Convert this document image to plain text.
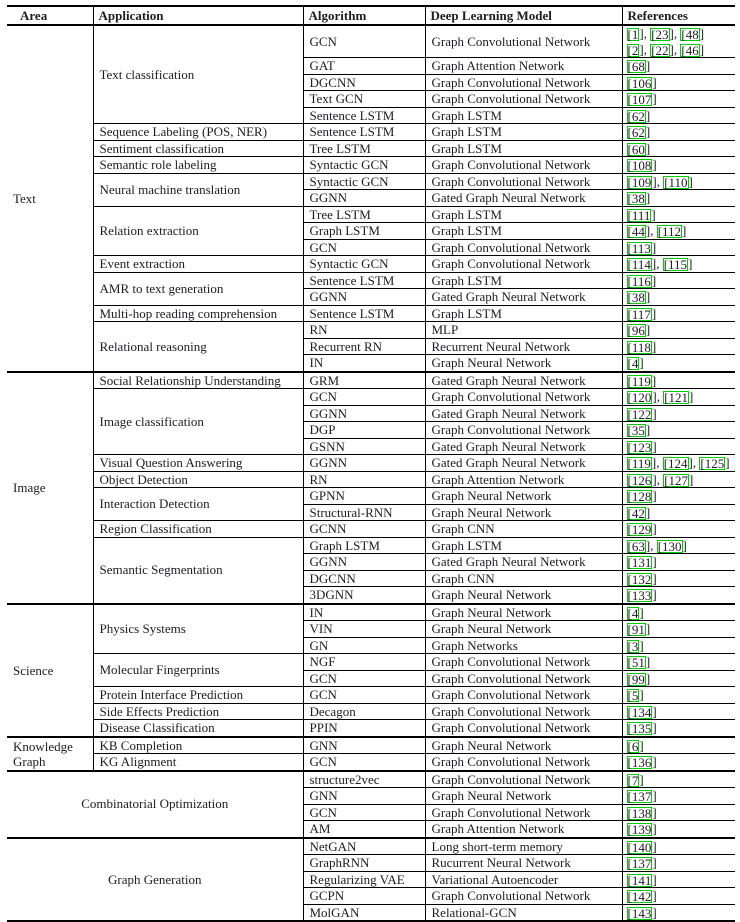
Area	Application	Algorithm	Deep Learning Model	References
Text	Text classification	GCN	Graph Convolutional Network	[1], [23], [48]
[2], [22], [46]

		GAT	Graph Attention Network	[68]

		DGCNN	Graph Convolutional Network	[106]

		Text GCN	Graph Convolutional Network	[107]

		Sentence LSTM	Graph LSTM	[62]

	Sequence Labeling (POS, NER)	Sentence LSTM	Graph LSTM	[62]

	Sentiment classification	Tree LSTM	Graph LSTM	[60]

	Semantic role labeling	Syntactic GCN	Graph Convolutional Network	[108]

	Neural machine translation	Syntactic GCN	Graph Convolutional Network	[109], [110]

		GGNN	Gated Graph Neural Network	[38]

	Relation extraction	Tree LSTM	Graph LSTM	[111]

		Graph LSTM	Graph LSTM	[44], [112]

		GCN	Graph Convolutional Network	[113]

	Event extraction	Syntactic GCN	Graph Convolutional Network	[114], [115]

	AMR to text generation	Sentence LSTM	Graph LSTM	[116]

		GGNN	Gated Graph Neural Network	[38]

	Multi-hop reading comprehension	Sentence LSTM	Graph LSTM	[117]

	Relational reasoning	RN	MLP	[96]

		Recurrent RN	Recurrent Neural Network	[118]

		IN	Graph Neural Network	[4]

Image	Social Relationship Understanding	GRM	Gated Graph Neural Network	[119]

	Image classification	GCN	Graph Convolutional Network	[120], [121]

		GGNN	Gated Graph Neural Network	[122]

		DGP	Graph Convolutional Network	[35]

		GSNN	Gated Graph Neural Network	[123]

	Visual Question Answering	GGNN	Gated Graph Neural Network	[119], [124], [125]

	Object Detection	RN	Graph Attention Network	[126], [127]

	Interaction Detection	GPNN	Graph Neural Network	[128]

		Structural-RNN	Graph Neural Network	[42]

	Region Classification	GCNN	Graph CNN	[129]

	Semantic Segmentation	Graph LSTM	Graph LSTM	[63], [130]

		GGNN	Gated Graph Neural Network	[131]

		DGCNN	Graph CNN	[132]

		3DGNN	Graph Neural Network	[133]

Science	Physics Systems	IN	Graph Neural Network	[4]

		VIN	Graph Neural Network	[91]

		GN	Graph Networks	[3]

	Molecular Fingerprints	NGF	Graph Convolutional Network	[51]

		GCN	Graph Convolutional Network	[99]

	Protein Interface Prediction	GCN	Graph Convolutional Network	[5]

	Side Effects Prediction	Decagon	Graph Convolutional Network	[134]

	Disease Classification	PPIN	Graph Convolutional Network	[135]

Knowledge Graph	KB Completion	GNN	Graph Neural Network	[6]

	KG Alignment	GCN	Graph Convolutional Network	[136]

Combinatorial Optimization		structure2vec	Graph Convolutional Network	[7]

		GNN	Graph Neural Network	[137]

		GCN	Graph Convolutional Network	[138]

		AM	Graph Attention Network	[139]

Graph Generation		NetGAN	Long short-term memory	[140]

		GraphRNN	Rucurrent Neural Network	[137]

		Regularizing VAE	Variational Autoencoder	[141]

		GCPN	Graph Convolutional Network	[142]

		MolGAN	Relational-GCN	[143]
